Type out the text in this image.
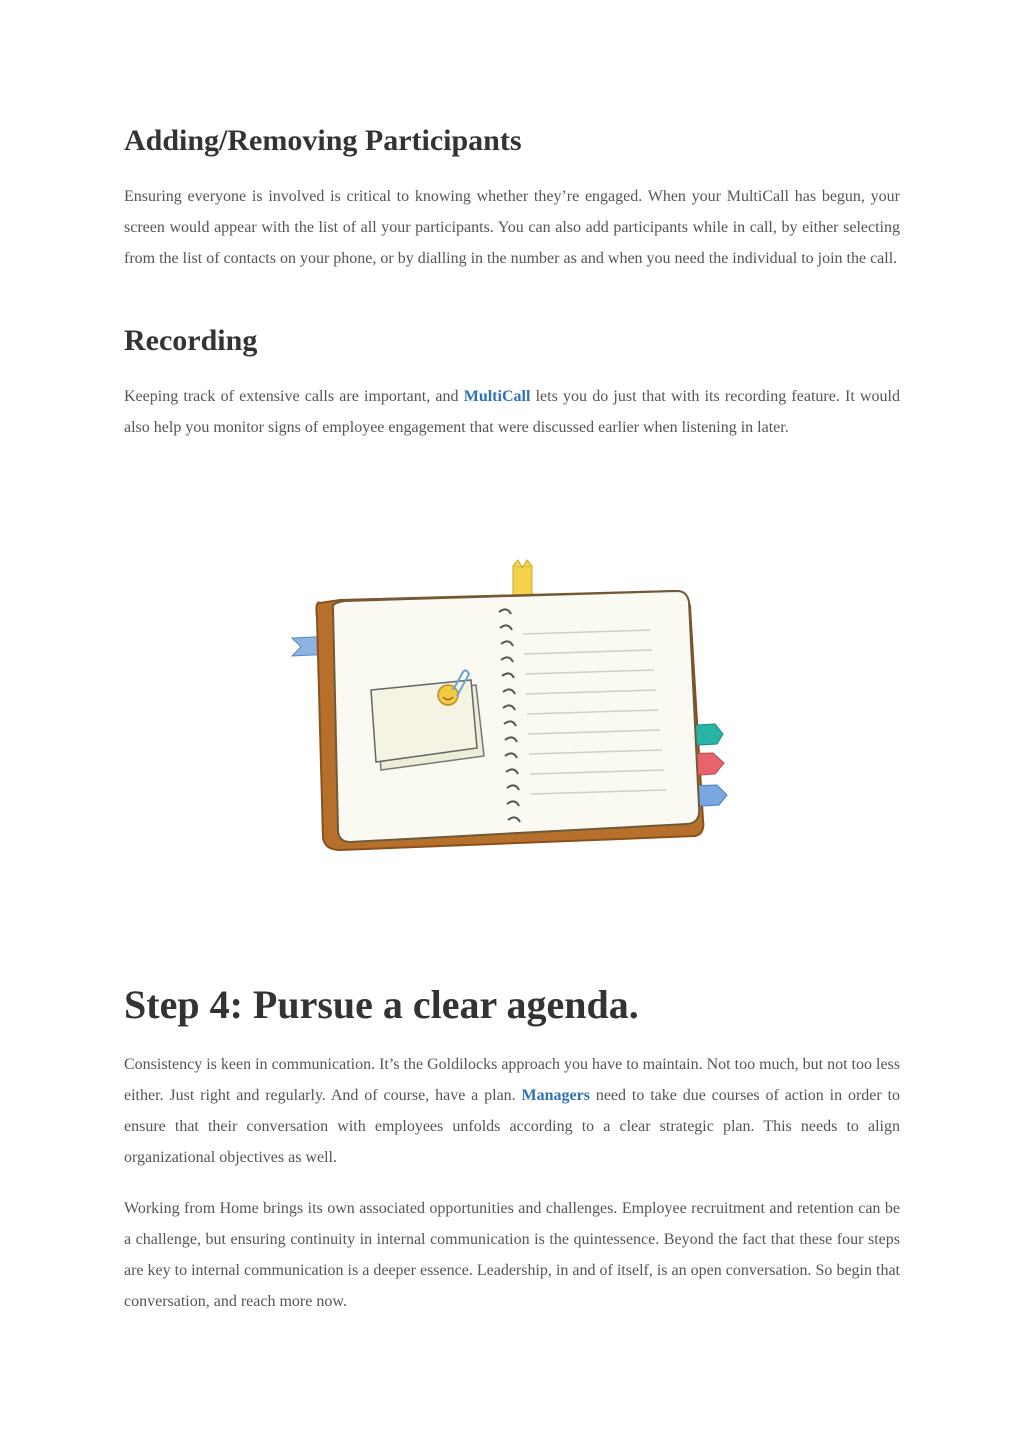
Adding/Removing Participants

Ensuring everyone is involved is critical to knowing whether they’re engaged. When your MultiCall has begun, your screen would appear with the list of all your participants. You can also add participants while in call, by either selecting from the list of contacts on your phone, or by dialling in the number as and when you need the individual to join the call.

Recording

Keeping track of extensive calls are important, and MultiCall lets you do just that with its recording feature. It would also help you monitor signs of employee engagement that were discussed earlier when listening in later.

Step 4: Pursue a clear agenda.

Consistency is keen in communication. It’s the Goldilocks approach you have to maintain. Not too much, but not too less either. Just right and regularly. And of course, have a plan. Managers need to take due courses of action in order to ensure that their conversation with employees unfolds according to a clear strategic plan. This needs to align organizational objectives as well.

Working from Home brings its own associated opportunities and challenges. Employee recruitment and retention can be a challenge, but ensuring continuity in internal communication is the quintessence. Beyond the fact that these four steps are key to internal communication is a deeper essence. Leadership, in and of itself, is an open conversation. So begin that conversation, and reach more now.
